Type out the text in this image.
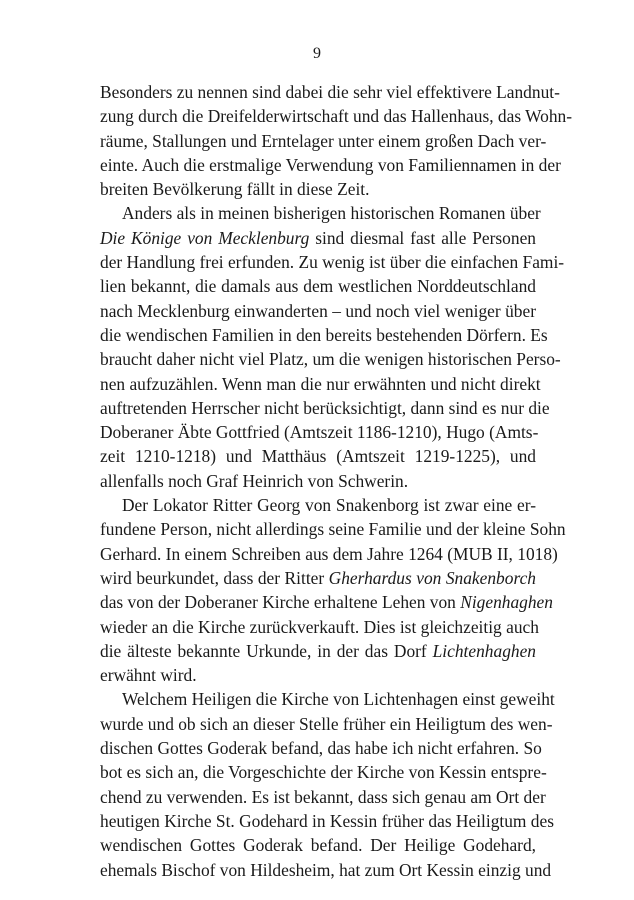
9
Besonders zu nennen sind dabei die sehr viel effektivere Landnut-
zung durch die Dreifelderwirtschaft und das Hallenhaus, das Wohn-
räume, Stallungen und Erntelager unter einem großen Dach ver-
einte. Auch die erstmalige Verwendung von Familiennamen in der
breiten Bevölkerung fällt in diese Zeit.
Anders als in meinen bisherigen historischen Romanen über
Die Könige von Mecklenburg sind diesmal fast alle Personen
der Handlung frei erfunden. Zu wenig ist über die einfachen Fami-
lien bekannt, die damals aus dem westlichen Norddeutschland
nach Mecklenburg einwanderten – und noch viel weniger über
die wendischen Familien in den bereits bestehenden Dörfern. Es
braucht daher nicht viel Platz, um die wenigen historischen Perso-
nen aufzuzählen. Wenn man die nur erwähnten und nicht direkt
auftretenden Herrscher nicht berücksichtigt, dann sind es nur die
Doberaner Äbte Gottfried (Amtszeit 1186-1210), Hugo (Amts-
zeit 1210-1218) und Matthäus (Amtszeit 1219-1225), und
allenfalls noch Graf Heinrich von Schwerin.
Der Lokator Ritter Georg von Snakenborg ist zwar eine er-
fundene Person, nicht allerdings seine Familie und der kleine Sohn
Gerhard. In einem Schreiben aus dem Jahre 1264 (MUB II, 1018)
wird beurkundet, dass der Ritter Gherhardus von Snakenborch
das von der Doberaner Kirche erhaltene Lehen von Nigenhaghen
wieder an die Kirche zurückverkauft. Dies ist gleichzeitig auch
die älteste bekannte Urkunde, in der das Dorf Lichtenhaghen
erwähnt wird.
Welchem Heiligen die Kirche von Lichtenhagen einst geweiht
wurde und ob sich an dieser Stelle früher ein Heiligtum des wen-
dischen Gottes Goderak befand, das habe ich nicht erfahren. So
bot es sich an, die Vorgeschichte der Kirche von Kessin entspre-
chend zu verwenden. Es ist bekannt, dass sich genau am Ort der
heutigen Kirche St. Godehard in Kessin früher das Heiligtum des
wendischen Gottes Goderak befand. Der Heilige Godehard,
ehemals Bischof von Hildesheim, hat zum Ort Kessin einzig und
